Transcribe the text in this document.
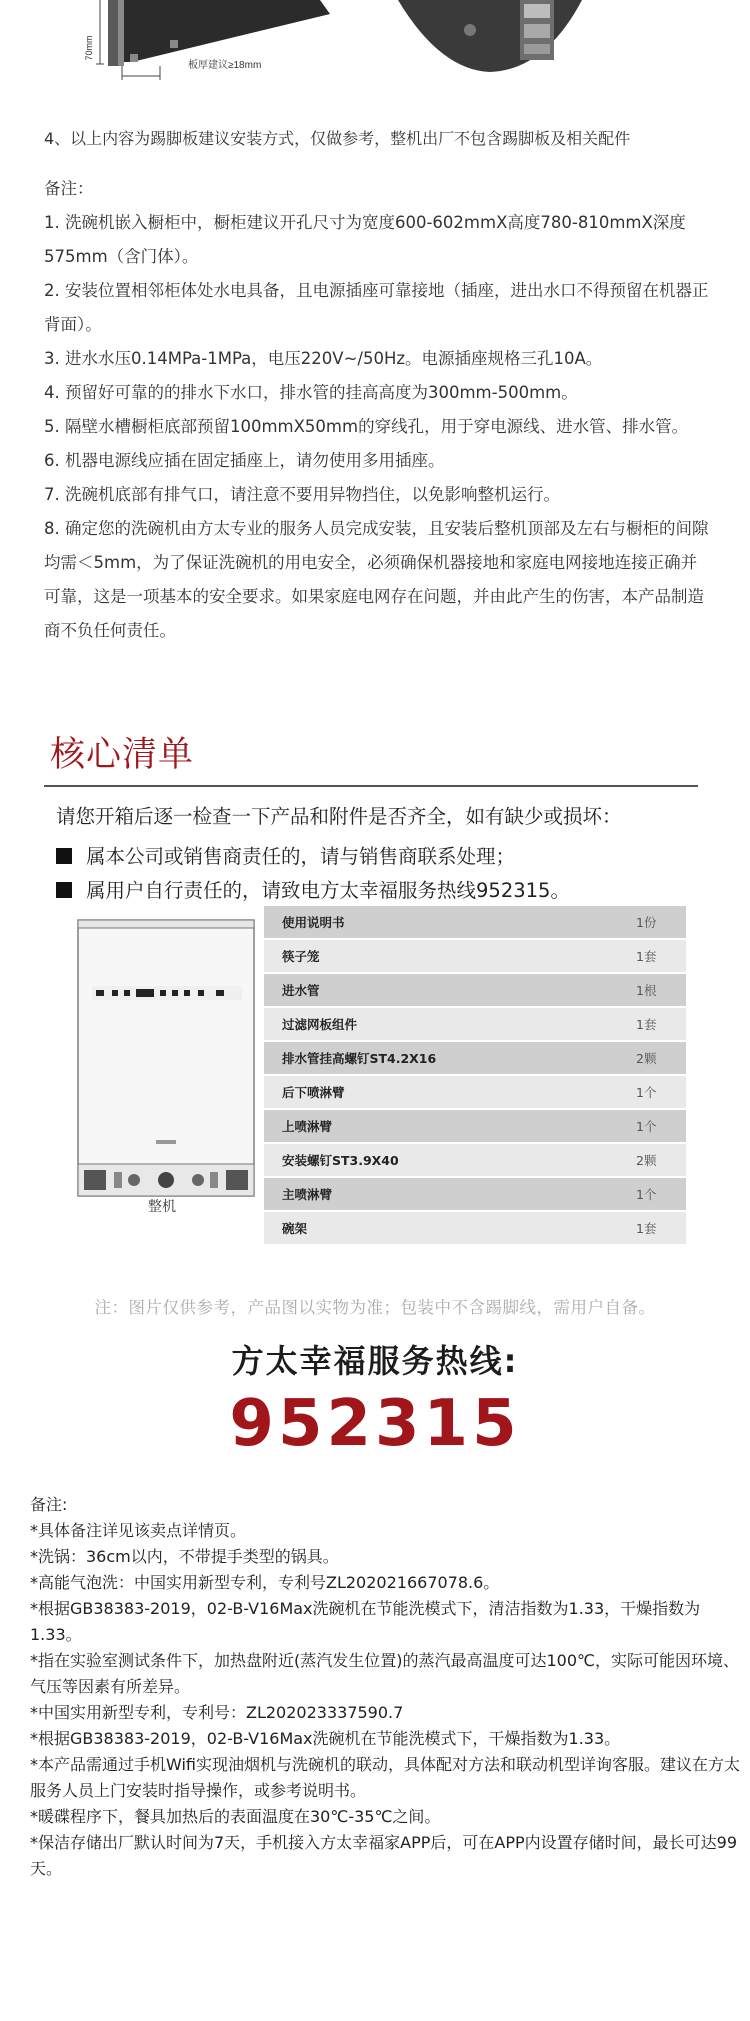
70mm
板厚建议≥18mm
4、以上内容为踢脚板建议安装方式，仅做参考，整机出厂不包含踢脚板及相关配件

备注：

1. 洗碗机嵌入橱柜中，橱柜建议开孔尺寸为宽度600-602mmX高度780-810mmX深度575mm（含门体）。

2. 安装位置相邻柜体处水电具备，且电源插座可靠接地（插座，进出水口不得预留在机器正背面）。

3. 进水水压0.14MPa-1MPa，电压220V~/50Hz。电源插座规格三孔10A。

4. 预留好可靠的的排水下水口，排水管的挂高高度为300mm-500mm。

5. 隔壁水槽橱柜底部预留100mmX50mm的穿线孔，用于穿电源线、进水管、排水管。

6. 机器电源线应插在固定插座上，请勿使用多用插座。

7. 洗碗机底部有排气口，请注意不要用异物挡住，以免影响整机运行。

8. 确定您的洗碗机由方太专业的服务人员完成安装，且安装后整机顶部及左右与橱柜的间隙均需＜5mm，为了保证洗碗机的用电安全，必须确保机器接地和家庭电网接地连接正确并可靠，这是一项基本的安全要求。如果家庭电网存在问题，并由此产生的伤害，本产品制造商不负任何责任。

核心清单
请您开箱后逐一检查一下产品和附件是否齐全，如有缺少或损坏：
属本公司或销售商责任的，请与销售商联系处理；
属用户自行责任的，请致电方太幸福服务热线952315。
整机
使用说明书	1份
筷子笼	1套
进水管	1根
过滤网板组件	1套
排水管挂高螺钉ST4.2X16	2颗
后下喷淋臂	1个
上喷淋臂	1个
安装螺钉ST3.9X40	2颗
主喷淋臂	1个
碗架	1套
注：图片仅供参考，产品图以实物为准；包装中不含踢脚线，需用户自备。
方太幸福服务热线:
952315

备注:

*具体备注详见该卖点详情页。

*洗锅：36cm以内，不带提手类型的锅具。

*高能气泡洗：中国实用新型专利，专利号ZL202021667078.6。

*根据GB38383-2019，02-B-V16Max洗碗机在节能洗模式下，清洁指数为1.33，干燥指数为1.33。

*指在实验室测试条件下，加热盘附近(蒸汽发生位置)的蒸汽最高温度可达100℃，实际可能因环境、气压等因素有所差异。

*中国实用新型专利，专利号：ZL202023337590.7

*根据GB38383-2019，02-B-V16Max洗碗机在节能洗模式下，干燥指数为1.33。

*本产品需通过手机Wifi实现油烟机与洗碗机的联动，具体配对方法和联动机型详询客服。建议在方太服务人员上门安装时指导操作，或参考说明书。

*暖碟程序下，餐具加热后的表面温度在30℃-35℃之间。

*保洁存储出厂默认时间为7天，手机接入方太幸福家APP后，可在APP内设置存储时间，最长可达99天。
